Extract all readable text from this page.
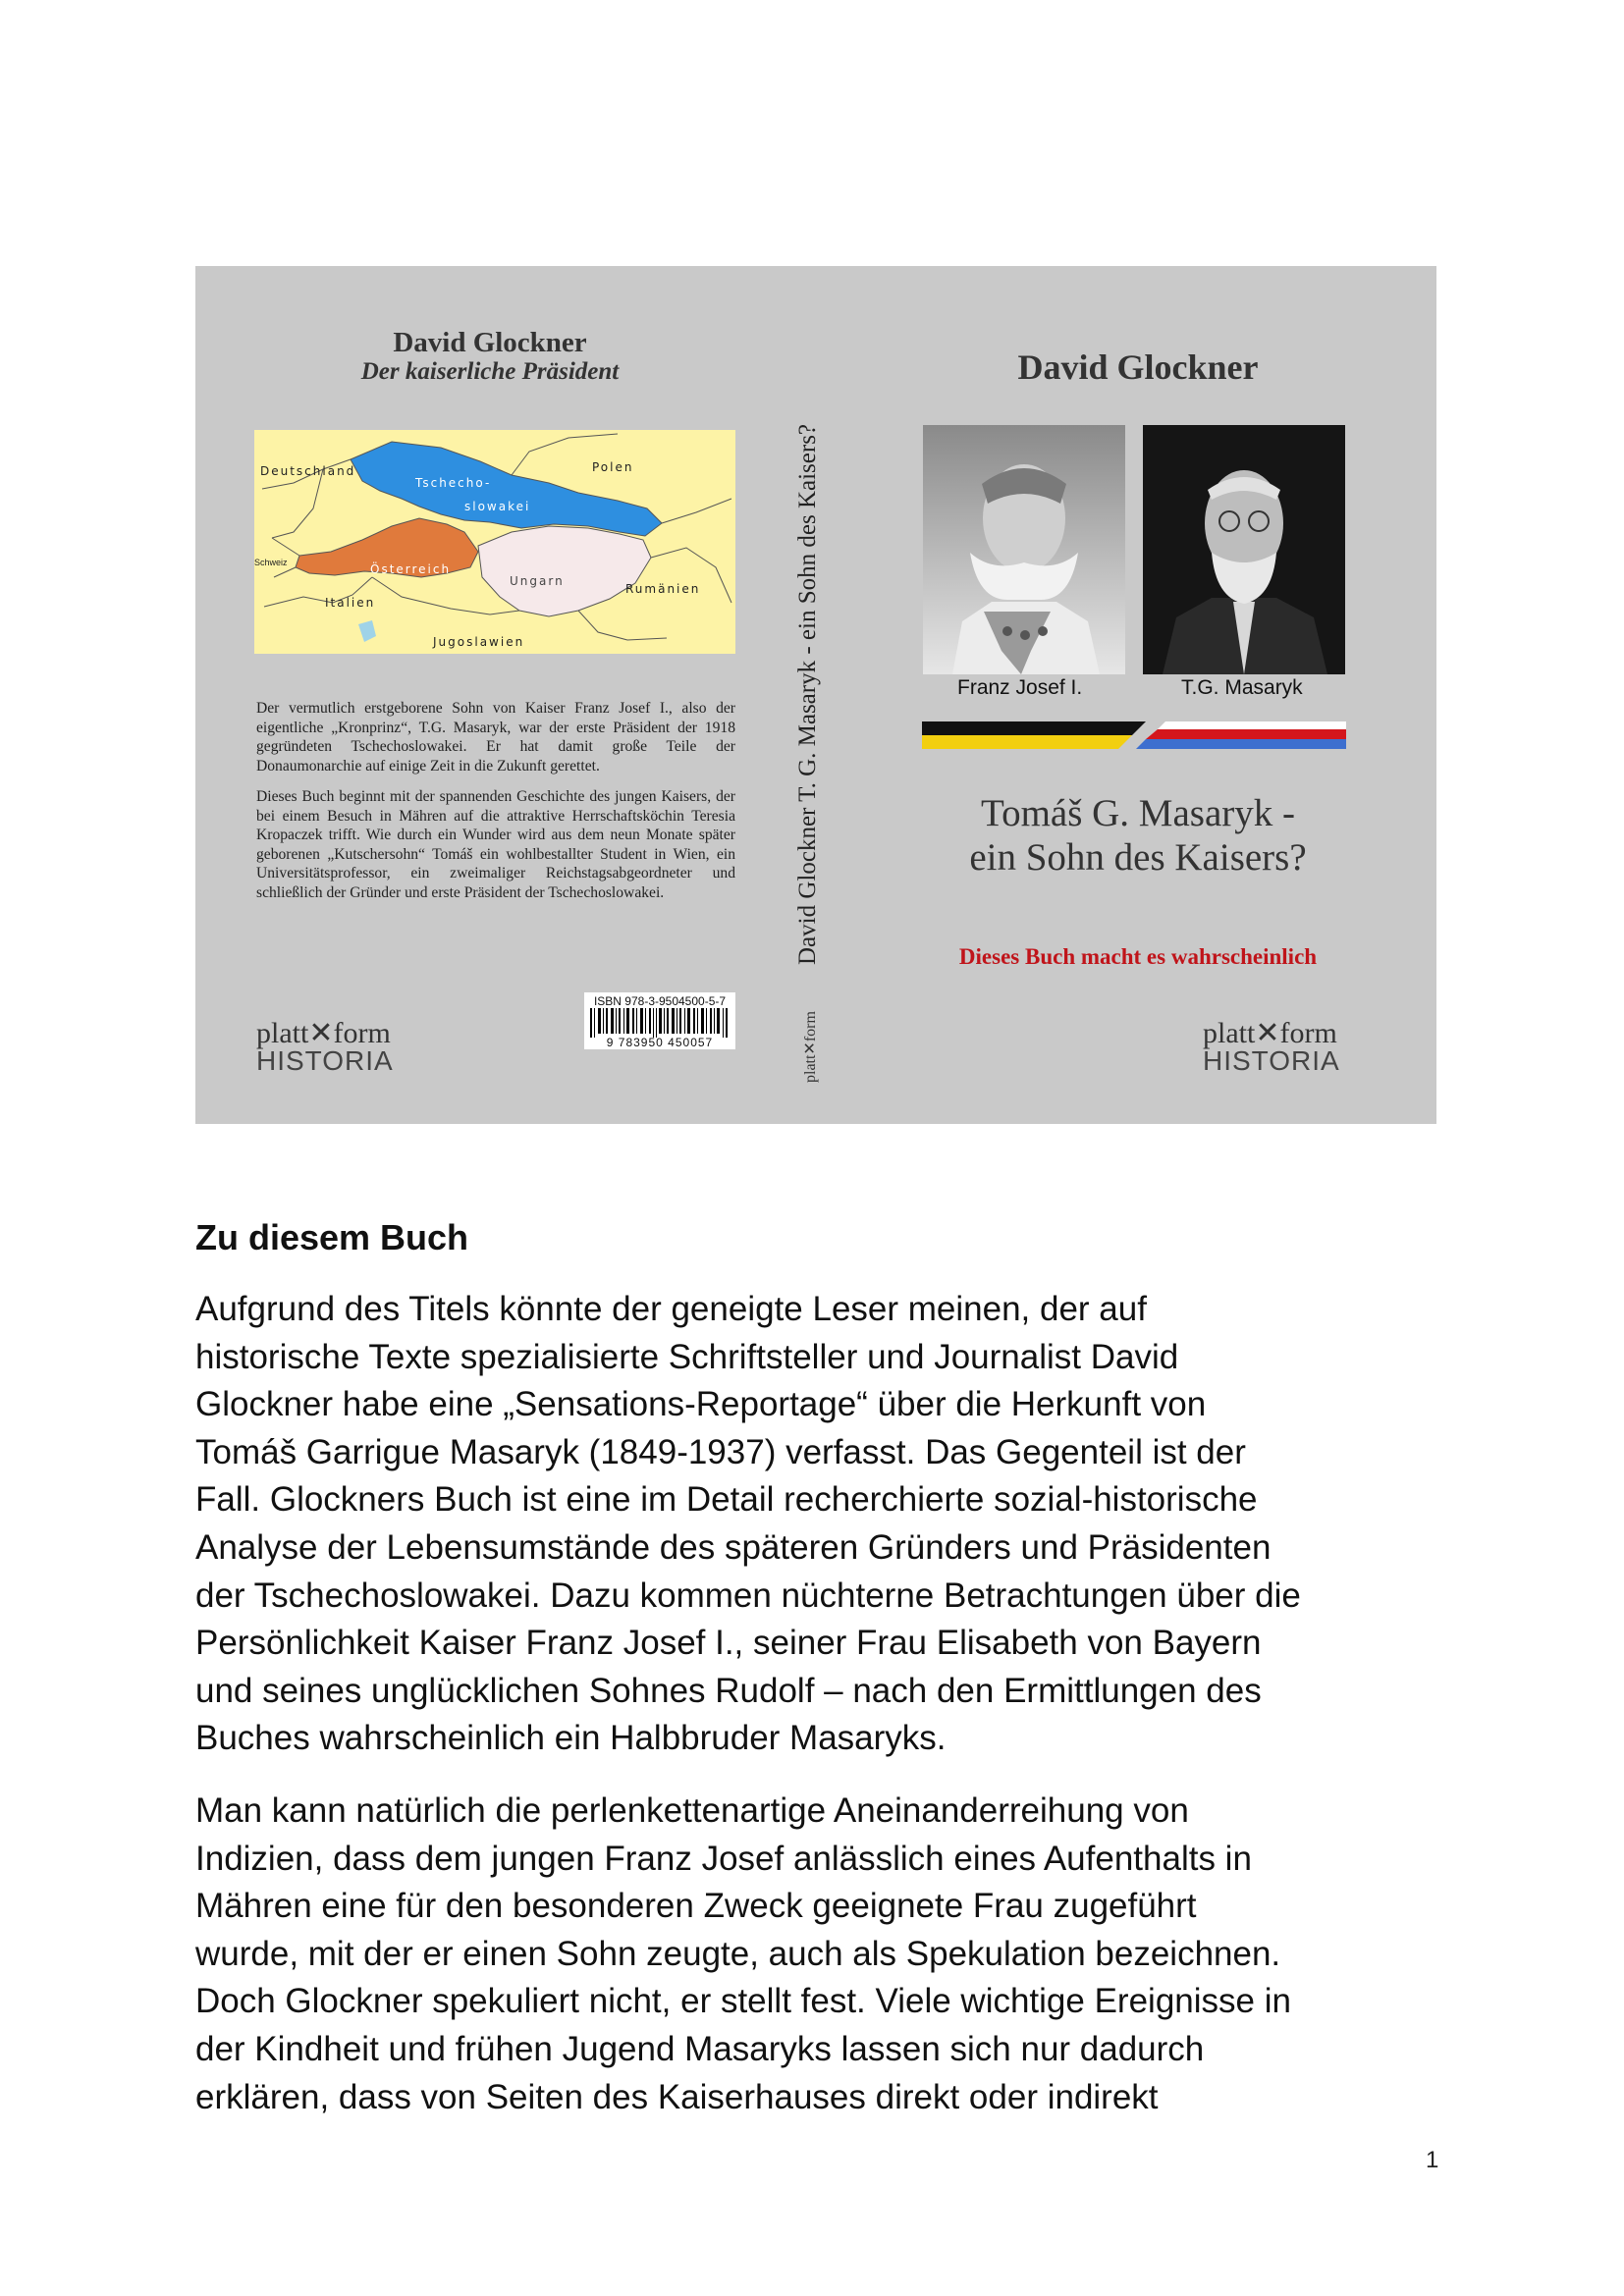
David Glockner
Der kaiserliche Präsident
Deutschland	Polen
Tschecho-
slowakei
Schweiz	Österreich
Ungarn
Rumänien
Italien
Jugoslawien

Der vermutlich erstgeborene Sohn von Kaiser Franz Josef I., also der eigentliche „Kronprinz“, T.G. Masaryk, war der erste Präsident der 1918 gegründeten Tschechoslowakei. Er hat damit große Teile der Donaumonarchie auf einige Zeit in die Zukunft gerettet.

Dieses Buch beginnt mit der spannenden Geschichte des jungen Kaisers, der bei einem Besuch in Mähren auf die attraktive Herrschaftsköchin Teresia Kropaczek trifft. Wie durch ein Wunder wird aus dem neun Monate später geborenen „Kutschersohn“ Tomáš ein wohlbestallter Student in Wien, ein Universitätsprofessor, ein zweimaliger Reichstagsabgeordneter und schließlich der Gründer und erste Präsident der Tschechoslowakei.

ISBN 978-3-9504500-5-7
9 783950 450057
platt✕form
HISTORIA
David Glockner T. G. Masaryk - ein Sohn des Kaisers?
platt✕form
David Glockner
Franz Josef I.	T.G. Masaryk
Tomáš G. Masaryk -
ein Sohn des Kaisers?
Dieses Buch macht es wahrscheinlich
platt✕form
HISTORIA
Zu diesem Buch

Aufgrund des Titels könnte der geneigte Leser meinen, der auf
historische Texte spezialisierte Schriftsteller und Journalist David
Glockner habe eine „Sensations-Reportage“ über die Herkunft von
Tomáš Garrigue Masaryk (1849-1937) verfasst. Das Gegenteil ist der
Fall. Glockners Buch ist eine im Detail recherchierte sozial-historische
Analyse der Lebensumstände des späteren Gründers und Präsidenten
der Tschechoslowakei. Dazu kommen nüchterne Betrachtungen über die
Persönlichkeit Kaiser Franz Josef I., seiner Frau Elisabeth von Bayern
und seines unglücklichen Sohnes Rudolf – nach den Ermittlungen des
Buches wahrscheinlich ein Halbbruder Masaryks.

Man kann natürlich die perlenkettenartige Aneinanderreihung von
Indizien, dass dem jungen Franz Josef anlässlich eines Aufenthalts in
Mähren eine für den besonderen Zweck geeignete Frau zugeführt
wurde, mit der er einen Sohn zeugte, auch als Spekulation bezeichnen.
Doch Glockner spekuliert nicht, er stellt fest. Viele wichtige Ereignisse in
der Kindheit und frühen Jugend Masaryks lassen sich nur dadurch
erklären, dass von Seiten des Kaiserhauses direkt oder indirekt

1
